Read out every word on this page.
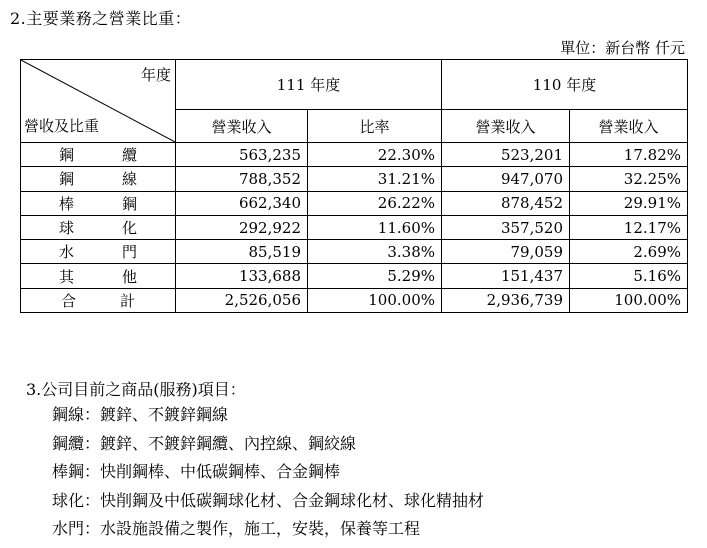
2.主要業務之營業比重：
單位：新台幣 仟元
年度
營收及比重	111 年度		110 年度	
	營業收入	比率	營業收入	營業收入

鋼 纜	563,235	22.30%	523,201	17.82%

鋼 線	788,352	31.21%	947,070	32.25%

棒 鋼	662,340	26.22%	878,452	29.91%

球 化	292,922	11.60%	357,520	12.17%

水 門	85,519	3.38%	79,059	2.69%

其 他	133,688	5.29%	151,437	5.16%

合 計	2,526,056	100.00%	2,936,739	100.00%
3.公司目前之商品(服務)項目：
鋼線：鍍鋅、不鍍鋅鋼線
鋼纜：鍍鋅、不鍍鋅鋼纜、內控線、鋼絞線
棒鋼：快削鋼棒、中低碳鋼棒、合金鋼棒
球化：快削鋼及中低碳鋼球化材、合金鋼球化材、球化精抽材
水門：水設施設備之製作，施工，安裝，保養等工程
